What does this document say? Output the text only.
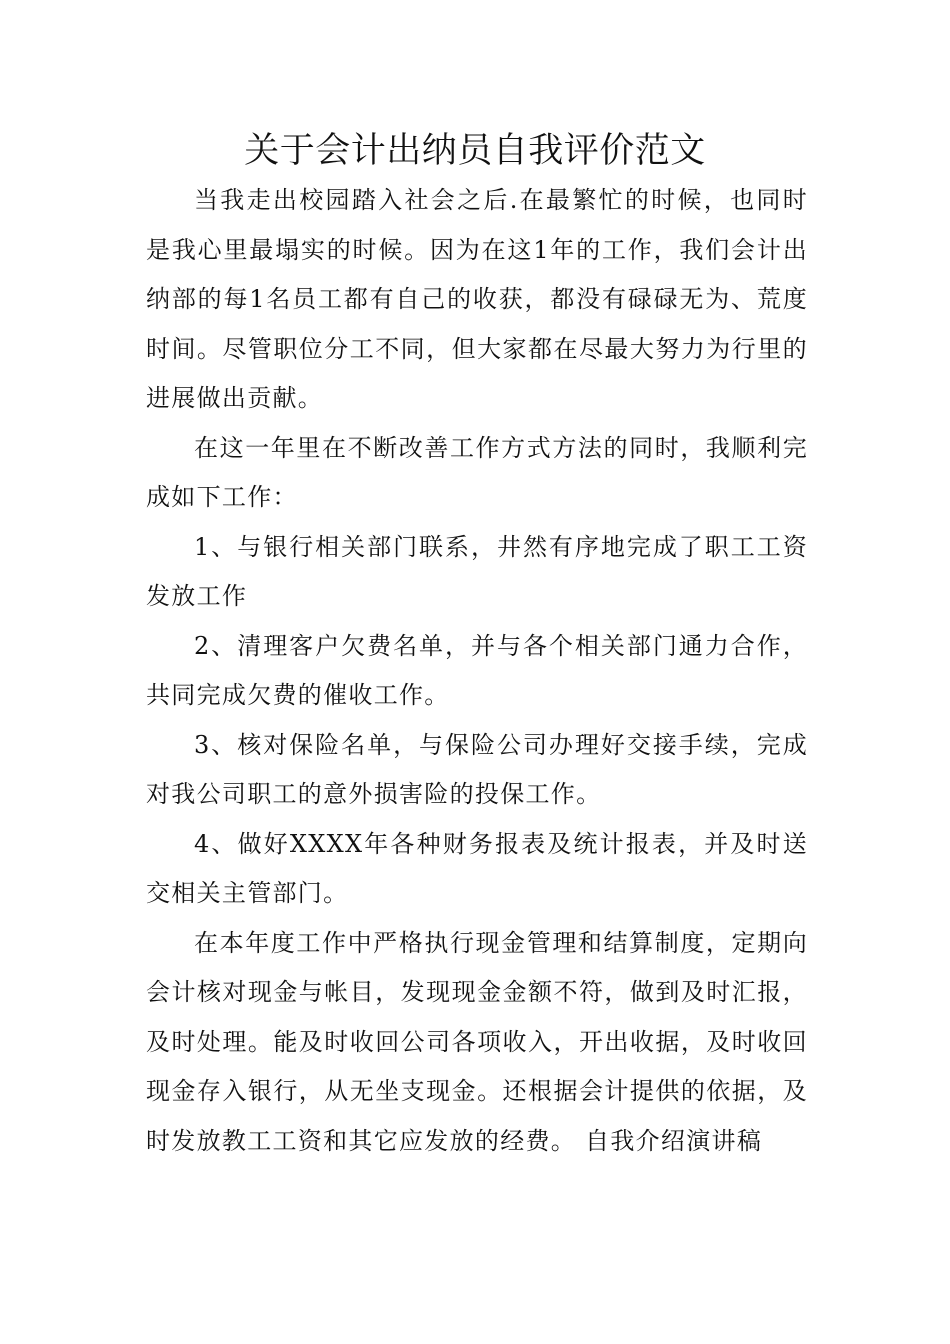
关于会计出纳员自我评价范文

当我走出校园踏入社会之后.在最繁忙的时候，也同时是我心里最塌实的时候。因为在这1年的工作，我们会计出纳部的每1名员工都有自己的收获，都没有碌碌无为、荒度时间。尽管职位分工不同，但大家都在尽最大努力为行里的进展做出贡献。

在这一年里在不断改善工作方式方法的同时，我顺利完成如下工作：

1、与银行相关部门联系，井然有序地完成了职工工资发放工作

2、清理客户欠费名单，并与各个相关部门通力合作，共同完成欠费的催收工作。

3、核对保险名单，与保险公司办理好交接手续，完成对我公司职工的意外损害险的投保工作。

4、做好XXXX年各种财务报表及统计报表，并及时送交相关主管部门。

在本年度工作中严格执行现金管理和结算制度，定期向会计核对现金与帐目，发现现金金额不符，做到及时汇报，及时处理。能及时收回公司各项收入，开出收据，及时收回现金存入银行，从无坐支现金。还根据会计提供的依据，及时发放教工工资和其它应发放的经费。 自我介绍演讲稿
